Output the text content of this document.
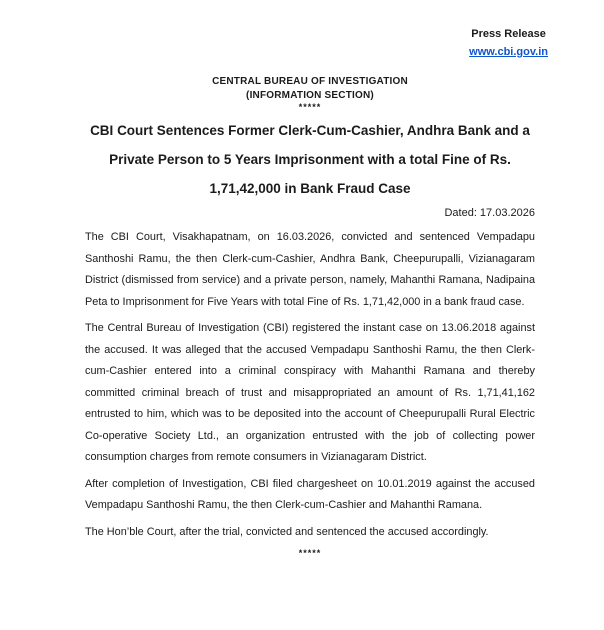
Press Release
www.cbi.gov.in
CENTRAL BUREAU OF INVESTIGATION
(INFORMATION SECTION)
*****
CBI Court Sentences Former Clerk-Cum-Cashier, Andhra Bank and a
Private Person to 5 Years Imprisonment with a total Fine of Rs.
1,71,42,000 in Bank Fraud Case
Dated: 17.03.2026

The CBI Court, Visakhapatnam, on 16.03.2026, convicted and sentenced Vempadapu Santhoshi Ramu, the then Clerk-cum-Cashier, Andhra Bank, Cheepurupalli, Vizianagaram District (dismissed from service) and a private person, namely, Mahanthi Ramana, Nadipaina Peta to Imprisonment for Five Years with total Fine of Rs. 1,71,42,000 in a bank fraud case.

The Central Bureau of Investigation (CBI) registered the instant case on 13.06.2018 against the accused. It was alleged that the accused Vempadapu Santhoshi Ramu, the then Clerk-cum-Cashier entered into a criminal conspiracy with Mahanthi Ramana and thereby committed criminal breach of trust and misappropriated an amount of Rs. 1,71,41,162 entrusted to him, which was to be deposited into the account of Cheepurupalli Rural Electric Co-operative Society Ltd., an organization entrusted with the job of collecting power consumption charges from remote consumers in Vizianagaram District.

After completion of Investigation, CBI filed chargesheet on 10.01.2019 against the accused Vempadapu Santhoshi Ramu, the then Clerk-cum-Cashier and Mahanthi Ramana.

The Hon’ble Court, after the trial, convicted and sentenced the accused accordingly.

*****
